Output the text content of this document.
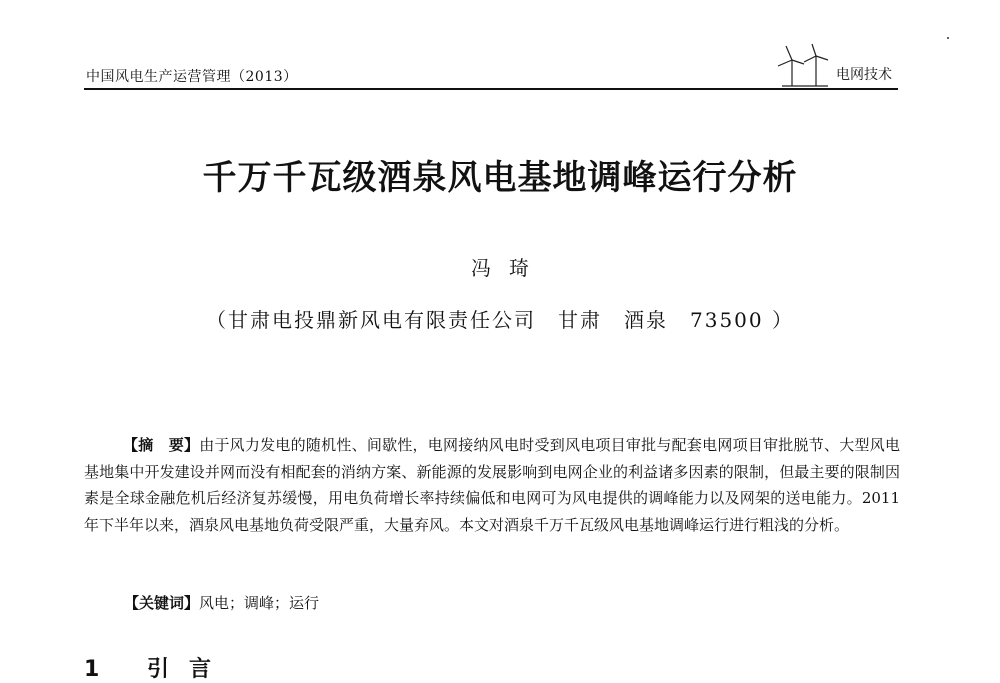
中国风电生产运营管理（2013）	电网技术
千万千瓦级酒泉风电基地调峰运行分析
冯琦
（甘肃电投鼎新风电有限责任公司　甘肃　酒泉　73500 ）
【摘　要】由于风力发电的随机性、间歇性，电网接纳风电时受到风电项目审批与配套电网项目审批脱节、大型风电基地集中开发建设并网而没有相配套的消纳方案、新能源的发展影响到电网企业的利益诸多因素的限制，但最主要的限制因素是全球金融危机后经济复苏缓慢，用电负荷增长率持续偏低和电网可为风电提供的调峰能力以及网架的送电能力。2011 年下半年以来，酒泉风电基地负荷受限严重，大量弃风。本文对酒泉千万千瓦级风电基地调峰运行进行粗浅的分析。
【关键词】风电；调峰；运行
1 引言
